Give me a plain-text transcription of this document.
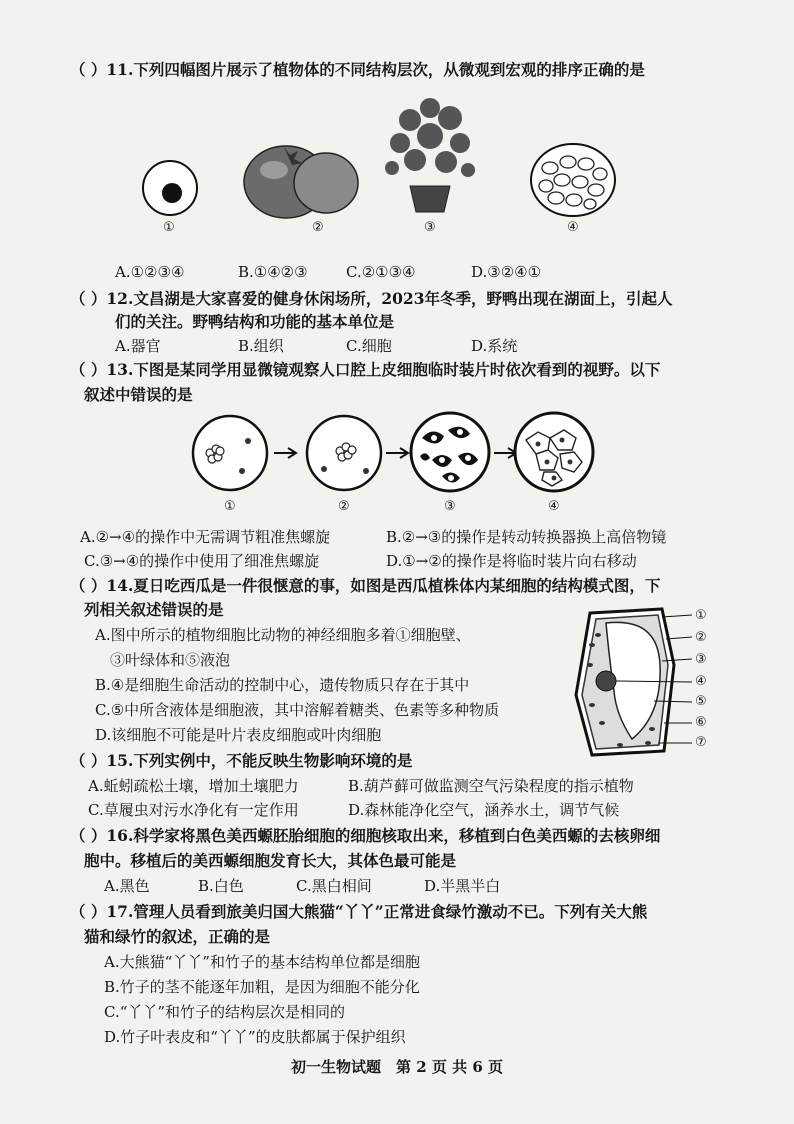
（ ）11.下列四幅图片展示了植物体的不同结构层次，从微观到宏观的排序正确的是
①	②	③	④
A.①②③④	B.①④②③	C.②①③④	D.③②④①
（ ）12.文昌湖是大家喜爱的健身休闲场所，2023年冬季，野鸭出现在湖面上，引起人
们的关注。野鸭结构和功能的基本单位是
A.器官	B.组织	C.细胞	D.系统
（ ）13.下图是某同学用显微镜观察人口腔上皮细胞临时装片时依次看到的视野。以下
叙述中错误的是
①	②	③	④
A.②→④的操作中无需调节粗准焦螺旋	B.②→③的操作是转动转换器换上高倍物镜
C.③→④的操作中使用了细准焦螺旋	D.①→②的操作是将临时装片向右移动
（ ）14.夏日吃西瓜是一件很惬意的事，如图是西瓜植株体内某细胞的结构模式图，下
列相关叙述错误的是
A.图中所示的植物细胞比动物的神经细胞多着①细胞壁、
③叶绿体和⑤液泡
B.④是细胞生命活动的控制中心，遗传物质只存在于其中
C.⑤中所含液体是细胞液，其中溶解着糖类、色素等多种物质
D.该细胞不可能是叶片表皮细胞或叶肉细胞
①
②
③
④
⑤
⑥
⑦
（ ）15.下列实例中，不能反映生物影响环境的是
A.蚯蚓疏松土壤，增加土壤肥力	B.葫芦藓可做监测空气污染程度的指示植物
C.草履虫对污水净化有一定作用	D.森林能净化空气，涵养水土，调节气候
（ ）16.科学家将黑色美西螈胚胎细胞的细胞核取出来，移植到白色美西螈的去核卵细
胞中。移植后的美西螈细胞发育长大，其体色最可能是
A.黑色	B.白色	C.黑白相间	D.半黑半白
（ ）17.管理人员看到旅美归国大熊猫“丫丫”正常进食绿竹激动不已。下列有关大熊
猫和绿竹的叙述，正确的是
A.大熊猫“丫丫”和竹子的基本结构单位都是细胞
B.竹子的茎不能逐年加粗，是因为细胞不能分化
C.“丫丫”和竹子的结构层次是相同的
D.竹子叶表皮和“丫丫”的皮肤都属于保护组织
初一生物试题　第 2 页 共 6 页
